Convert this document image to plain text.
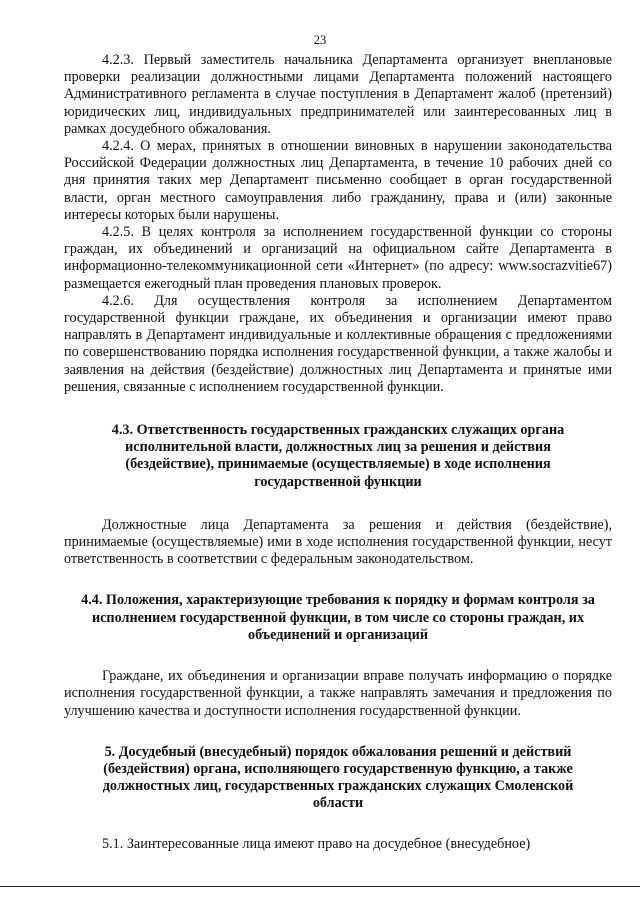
23

4.2.3. Первый заместитель начальника Департамента организует внеплановые проверки реализации должностными лицами Департамента положений настоящего Административного регламента в случае поступления в Департамент жалоб (претензий) юридических лиц, индивидуальных предпринимателей или заинтересованных лиц в рамках досудебного обжалования.

4.2.4. О мерах, принятых в отношении виновных в нарушении законодательства Российской Федерации должностных лиц Департамента, в течение 10 рабочих дней со дня принятия таких мер Департамент письменно сообщает в орган государственной власти, орган местного самоуправления либо гражданину, права и (или) законные интересы которых были нарушены.

4.2.5. В целях контроля за исполнением государственной функции со стороны граждан, их объединений и организаций на официальном сайте Департамента в информационно-телекоммуникационной сети «Интернет» (по адресу: www.socrazvitie67) размещается ежегодный план проведения плановых проверок.

4.2.6. Для осуществления контроля за исполнением Департаментом государственной функции граждане, их объединения и организации имеют право направлять в Департамент индивидуальные и коллективные обращения с предложениями по совершенствованию порядка исполнения государственной функции, а также жалобы и заявления на действия (бездействие) должностных лиц Департамента и принятые ими решения, связанные с исполнением государственной функции.

4.3. Ответственность государственных гражданских служащих органа исполнительной власти, должностных лиц за решения и действия (бездействие), принимаемые (осуществляемые) в ходе исполнения государственной функции

Должностные лица Департамента за решения и действия (бездействие), принимаемые (осуществляемые) ими в ходе исполнения государственной функции, несут ответственность в соответствии с федеральным законодательством.

4.4. Положения, характеризующие требования к порядку и формам контроля за исполнением государственной функции, в том числе со стороны граждан, их объединений и организаций

Граждане, их объединения и организации вправе получать информацию о порядке исполнения государственной функции, а также направлять замечания и предложения по улучшению качества и доступности исполнения государственной функции.

5. Досудебный (внесудебный) порядок обжалования решений и действий (бездействия) органа, исполняющего государственную функцию, а также должностных лиц, государственных гражданских служащих Смоленской области

5.1. Заинтересованные лица имеют право на досудебное (внесудебное)
